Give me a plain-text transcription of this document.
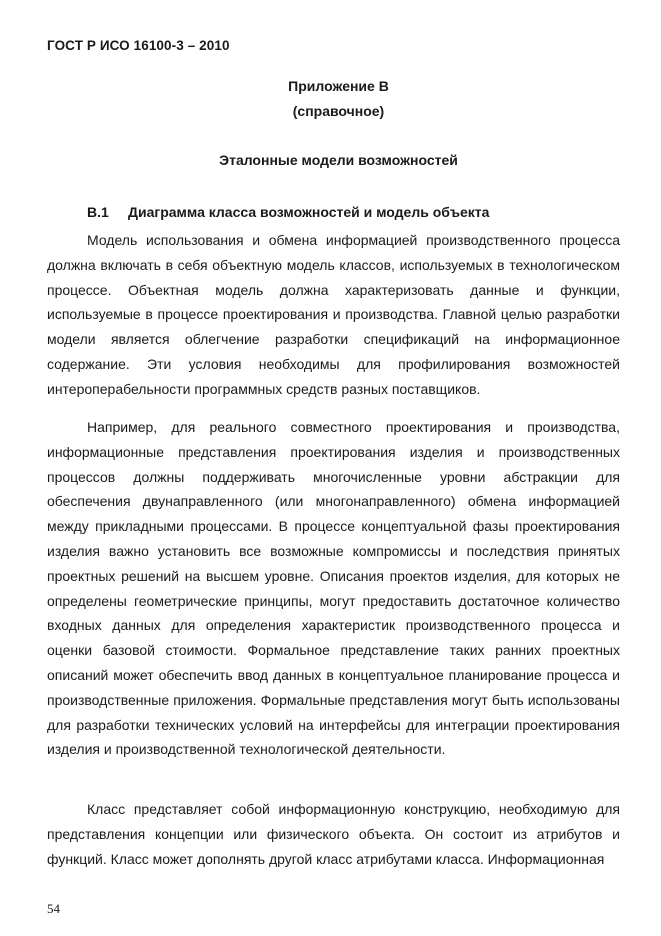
ГОСТ Р ИСО 16100-3 – 2010
Приложение В
(справочное)
Эталонные модели возможностей
В.1 Диаграмма класса возможностей и модель объекта

Модель использования и обмена информацией производственного процесса должна включать в себя объектную модель классов, используемых в технологическом процессе. Объектная модель должна характеризовать данные и функции, используемые в процессе проектирования и производства. Главной целью разработки модели является облегчение разработки спецификаций на информационное содержание. Эти условия необходимы для профилирования возможностей интероперабельности программных средств разных поставщиков.

Например, для реального совместного проектирования и производства, информационные представления проектирования изделия и производственных процессов должны поддерживать многочисленные уровни абстракции для обеспечения двунаправленного (или многонаправленного) обмена информацией между прикладными процессами. В процессе концептуальной фазы проектирования изделия важно установить все возможные компромиссы и последствия принятых проектных решений на высшем уровне. Описания проектов изделия, для которых не определены геометрические принципы, могут предоставить достаточное количество входных данных для определения характеристик производственного процесса и оценки базовой стоимости. Формальное представление таких ранних проектных описаний может обеспечить ввод данных в концептуальное планирование процесса и производственные приложения. Формальные представления могут быть использованы для разработки технических условий на интерфейсы для интеграции проектирования изделия и производственной технологической деятельности.

Класс представляет собой информационную конструкцию, необходимую для представления концепции или физического объекта. Он состоит из атрибутов и функций. Класс может дополнять другой класс атрибутами класса. Информационная

54
